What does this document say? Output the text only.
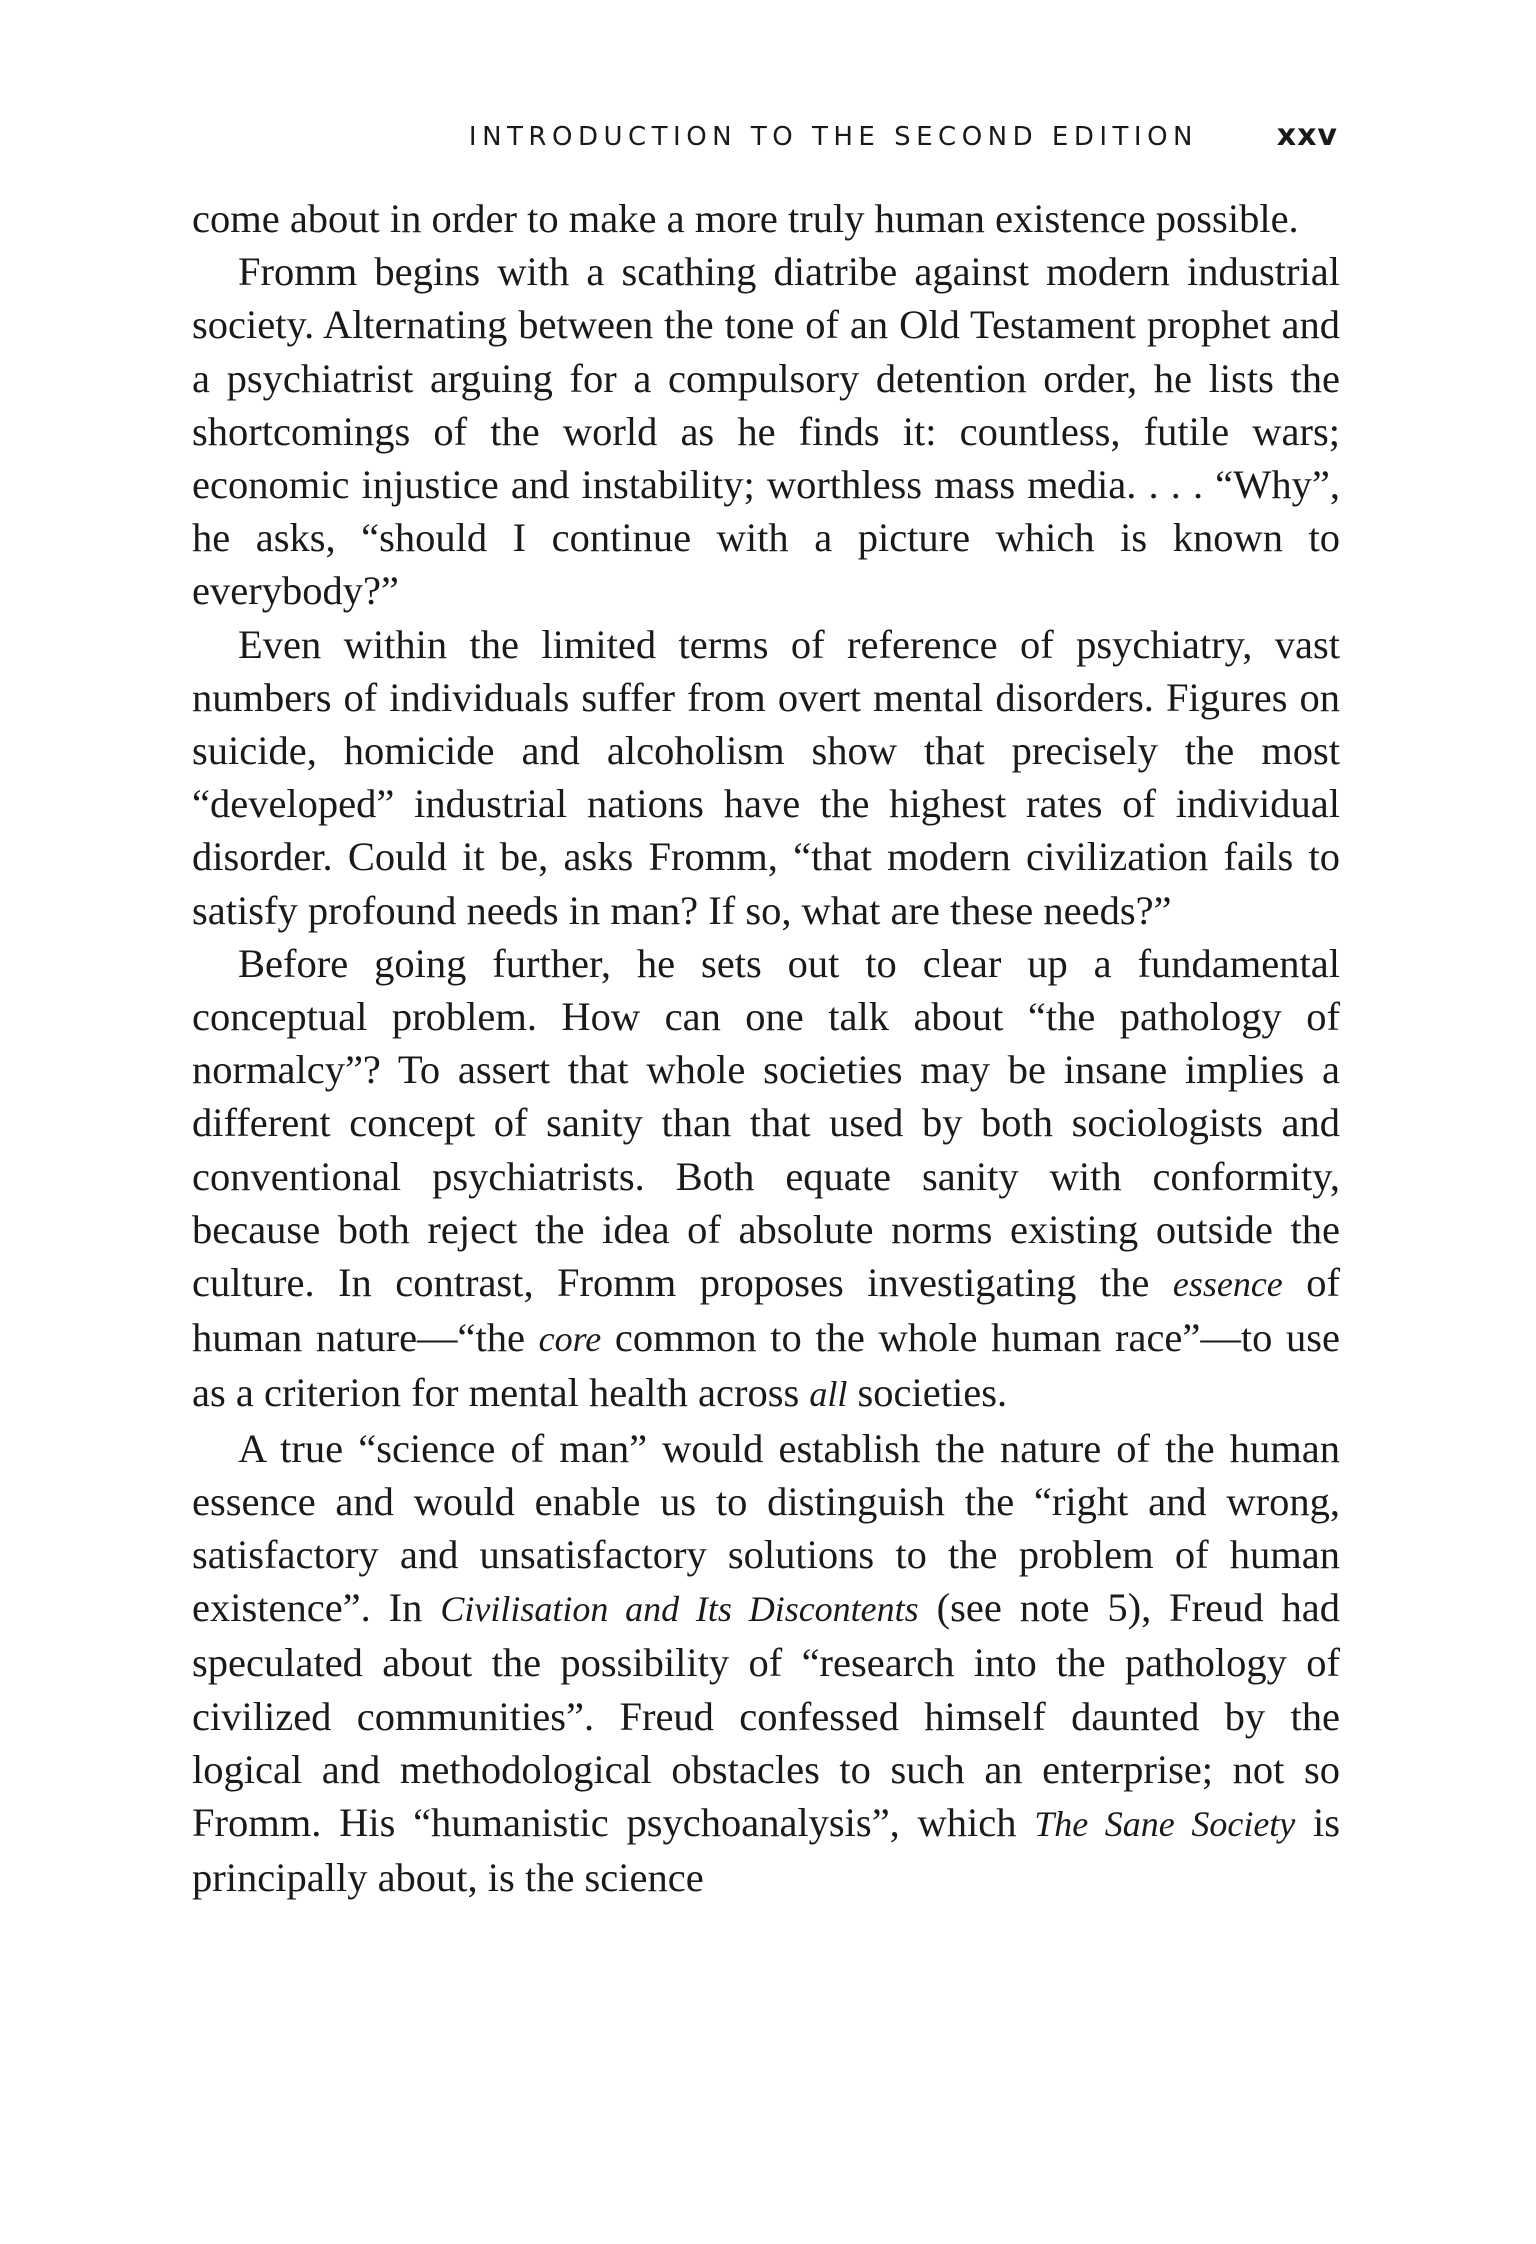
INTRODUCTION TO THE SECOND EDITION	xxv

come about in order to make a more truly human existence possible.

Fromm begins with a scathing diatribe against modern industrial society. Alternating between the tone of an Old Testament prophet and a psychiatrist arguing for a compulsory detention order, he lists the shortcomings of the world as he finds it: countless, futile wars; economic injustice and instability; worthless mass media. . . . “Why”, he asks, “should I continue with a picture which is known to everybody?”

Even within the limited terms of reference of psychiatry, vast numbers of individuals suffer from overt mental disorders. Figures on suicide, homicide and alcoholism show that precisely the most “developed” industrial nations have the highest rates of individual disorder. Could it be, asks Fromm, “that modern civilization fails to satisfy profound needs in man? If so, what are these needs?”

Before going further, he sets out to clear up a fundamental conceptual problem. How can one talk about “the pathology of normalcy”? To assert that whole societies may be insane implies a different concept of sanity than that used by both sociologists and conventional psychiatrists. Both equate sanity with conformity, because both reject the idea of absolute norms existing outside the culture. In contrast, Fromm proposes investigating the essence of human nature—“the core common to the whole human race”—to use as a criterion for mental health across all societies.

A true “science of man” would establish the nature of the human essence and would enable us to distinguish the “right and wrong, satisfactory and unsatisfactory solutions to the problem of human existence”. In Civilisation and Its Discontents (see note 5), Freud had speculated about the possibility of “research into the pathology of civilized communities”. Freud confessed himself daunted by the logical and methodological obstacles to such an enterprise; not so Fromm. His “humanistic psychoanalysis”, which The Sane Society is principally about, is the science
